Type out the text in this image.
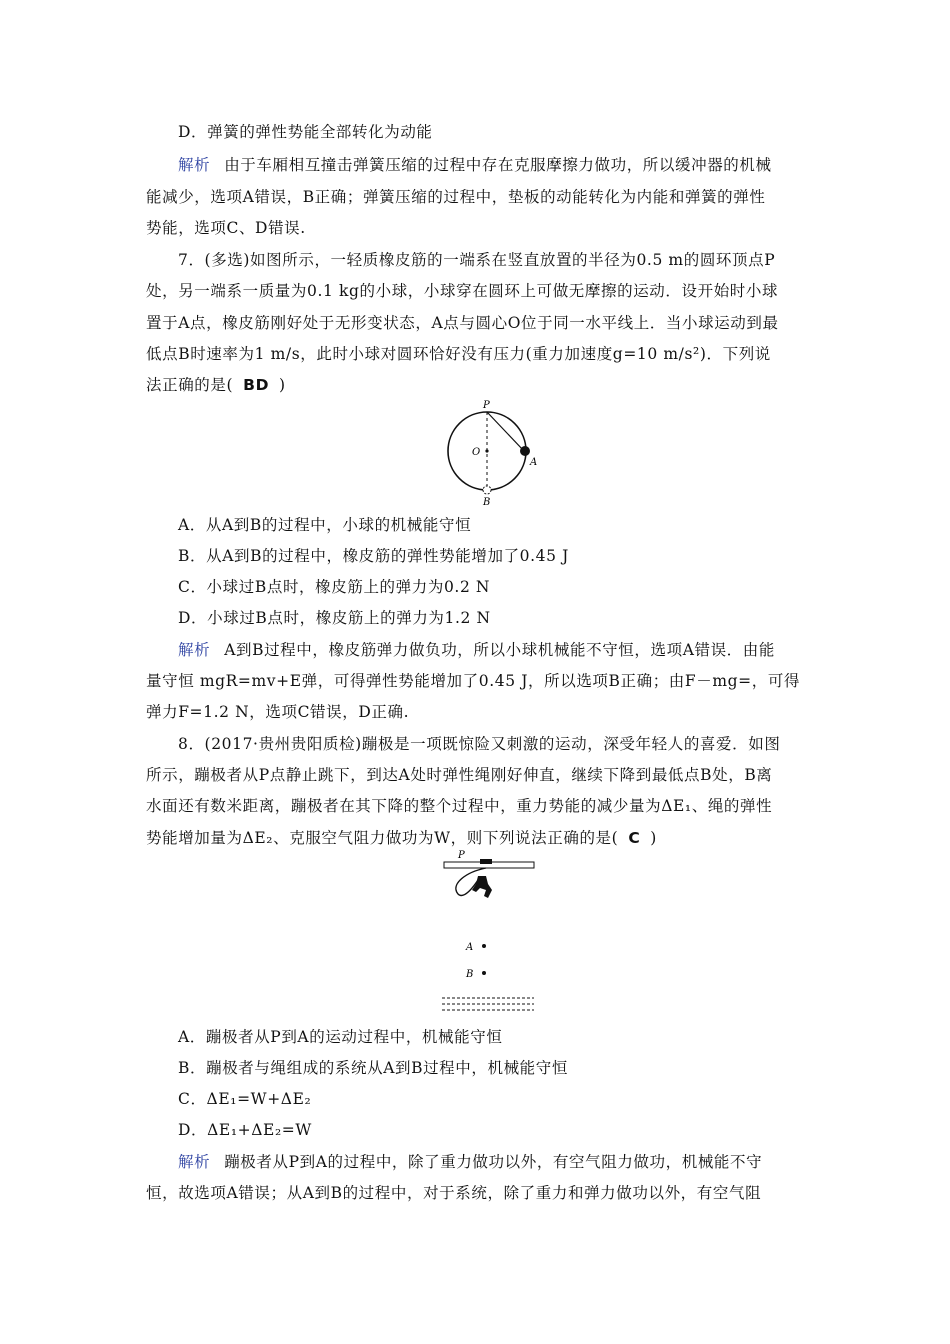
D．弹簧的弹性势能全部转化为动能
解析 由于车厢相互撞击弹簧压缩的过程中存在克服摩擦力做功，所以缓冲器的机械
能减少，选项A错误，B正确；弹簧压缩的过程中，垫板的动能转化为内能和弹簧的弹性
势能，选项C、D错误.
7．(多选)如图所示，一轻质橡皮筋的一端系在竖直放置的半径为0.5 m的圆环顶点P
处，另一端系一质量为0.1 kg的小球，小球穿在圆环上可做无摩擦的运动．设开始时小球
置于A点，橡皮筋刚好处于无形变状态，A点与圆心O位于同一水平线上．当小球运动到最
低点B时速率为1 m/s，此时小球对圆环恰好没有压力(重力加速度g=10 m/s²)．下列说
法正确的是( BD )
P
O
A
B
A．从A到B的过程中，小球的机械能守恒
B．从A到B的过程中，橡皮筋的弹性势能增加了0.45 J
C．小球过B点时，橡皮筋上的弹力为0.2 N
D．小球过B点时，橡皮筋上的弹力为1.2 N
解析 A到B过程中，橡皮筋弹力做负功，所以小球机械能不守恒，选项A错误．由能
量守恒 mgR=mv+E弹，可得弹性势能增加了0.45 J，所以选项B正确；由F－mg=，可得
弹力F=1.2 N，选项C错误，D正确.
8．(2017·贵州贵阳质检)蹦极是一项既惊险又刺激的运动，深受年轻人的喜爱．如图
所示，蹦极者从P点静止跳下，到达A处时弹性绳刚好伸直，继续下降到最低点B处，B离
水面还有数米距离，蹦极者在其下降的整个过程中，重力势能的减少量为ΔE₁、绳的弹性
势能增加量为ΔE₂、克服空气阻力做功为W，则下列说法正确的是( C )
P
A
B
A．蹦极者从P到A的运动过程中，机械能守恒
B．蹦极者与绳组成的系统从A到B过程中，机械能守恒
C．ΔE₁=W+ΔE₂
D．ΔE₁+ΔE₂=W
解析 蹦极者从P到A的过程中，除了重力做功以外，有空气阻力做功，机械能不守
恒，故选项A错误；从A到B的过程中，对于系统，除了重力和弹力做功以外，有空气阻
